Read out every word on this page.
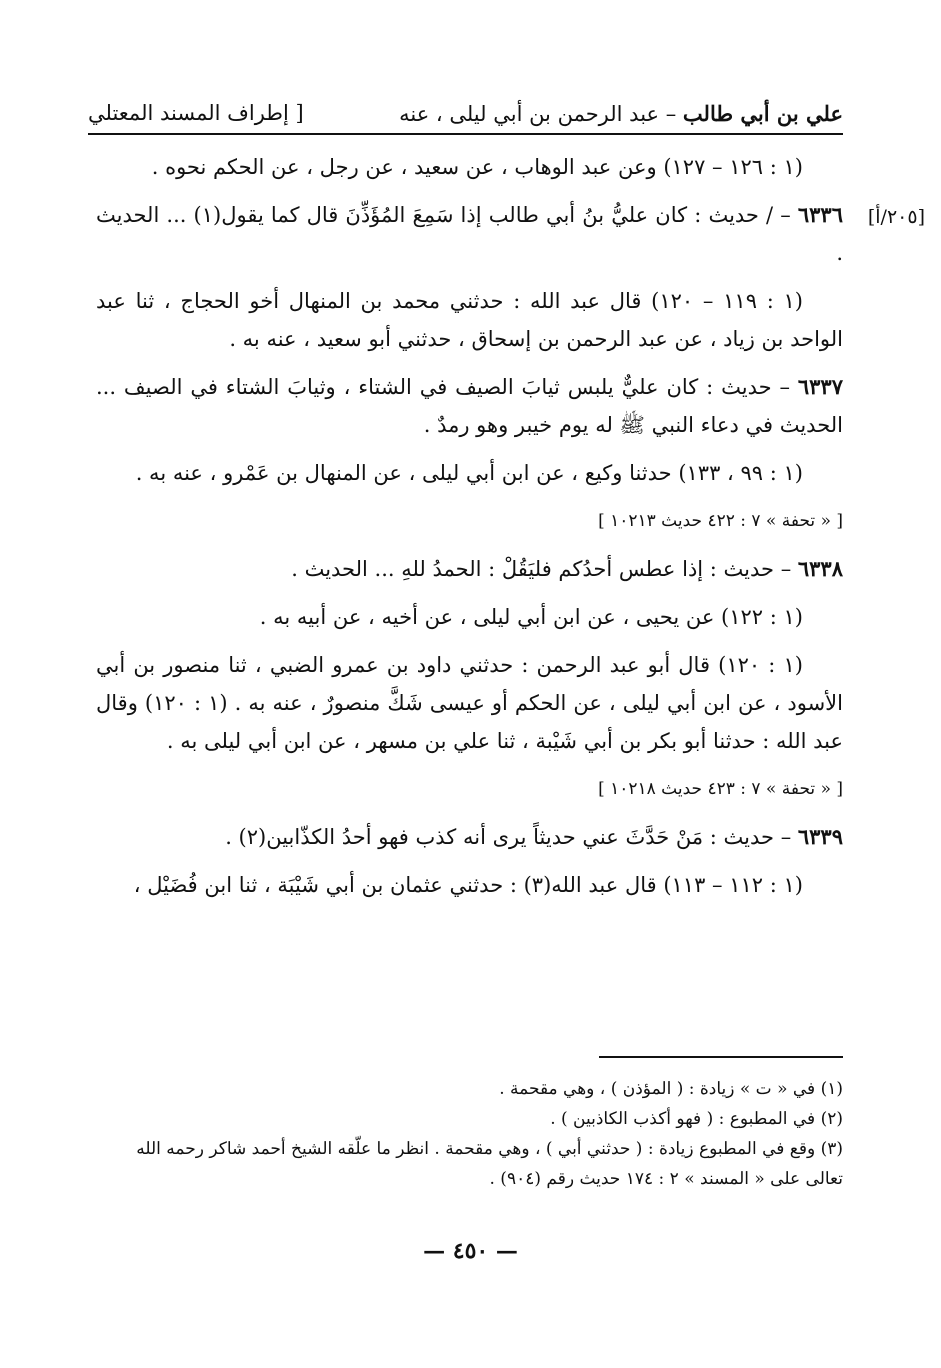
علي بن أبي طالب – عبد الرحمن بن أبي ليلى ، عنه
[ إطراف المسند المعتلي
[٢٠٥/أ]

(١ : ١٢٦ – ١٢٧) وعن عبد الوهاب ، عن سعيد ، عن رجل ، عن الحكم نحوه .

٦٣٣٦ – / حديث : كان عليُّ بنُ أبي طالب إذا سَمِعَ المُؤَذِّنَ قال كما يقول(١) ... الحديث .

(١ : ١١٩ – ١٢٠) قال عبد الله : حدثني محمد بن المنهال أخو الحجاج ، ثنا عبد الواحد بن زياد ، عن عبد الرحمن بن إسحاق ، حدثني أبو سعيد ، عنه به .

٦٣٣٧ – حديث : كان عليٌّ يلبس ثيابَ الصيف في الشتاء ، وثيابَ الشتاء في الصيف ... الحديث في دعاء النبي ﷺ له يوم خيبر وهو رمدٌ .

(١ : ٩٩ ، ١٣٣) حدثنا وكيع ، عن ابن أبي ليلى ، عن المنهال بن عَمْرو ، عنه به .

[ « تحفة » ٧ : ٤٢٢ حديث ١٠٢١٣ ]

٦٣٣٨ – حديث : إذا عطس أحدُكم فليَقُلْ : الحمدُ للهِ ... الحديث .

(١ : ١٢٢) عن يحيى ، عن ابن أبي ليلى ، عن أخيه ، عن أبيه به .

(١ : ١٢٠) قال أبو عبد الرحمن : حدثني داود بن عمرو الضبي ، ثنا منصور بن أبي الأسود ، عن ابن أبي ليلى ، عن الحكم أو عيسى شَكَّ منصورٌ ، عنه به . (١ : ١٢٠) وقال عبد الله : حدثنا أبو بكر بن أبي شَيْبة ، ثنا علي بن مسهر ، عن ابن أبي ليلى به .

[ « تحفة » ٧ : ٤٢٣ حديث ١٠٢١٨ ]

٦٣٣٩ – حديث : مَنْ حَدَّثَ عني حديثاً يرى أنه كذب فهو أحدُ الكذّابين(٢) .

(١ : ١١٢ – ١١٣) قال عبد الله(٣) : حدثني عثمان بن أبي شَيْبَة ، ثنا ابن فُضَيْل ،

(١) في « ت » زيادة : ( المؤذن ) ، وهي مقحمة .

(٢) في المطبوع : ( فهو أكذب الكاذبين ) .

(٣) وقع في المطبوع زيادة : ( حدثني أبي ) ، وهي مقحمة . انظر ما علّقه الشيخ أحمد شاكر رحمه الله تعالى على « المسند » ٢ : ١٧٤ حديث رقم (٩٠٤) .

— ٤٥٠ —
